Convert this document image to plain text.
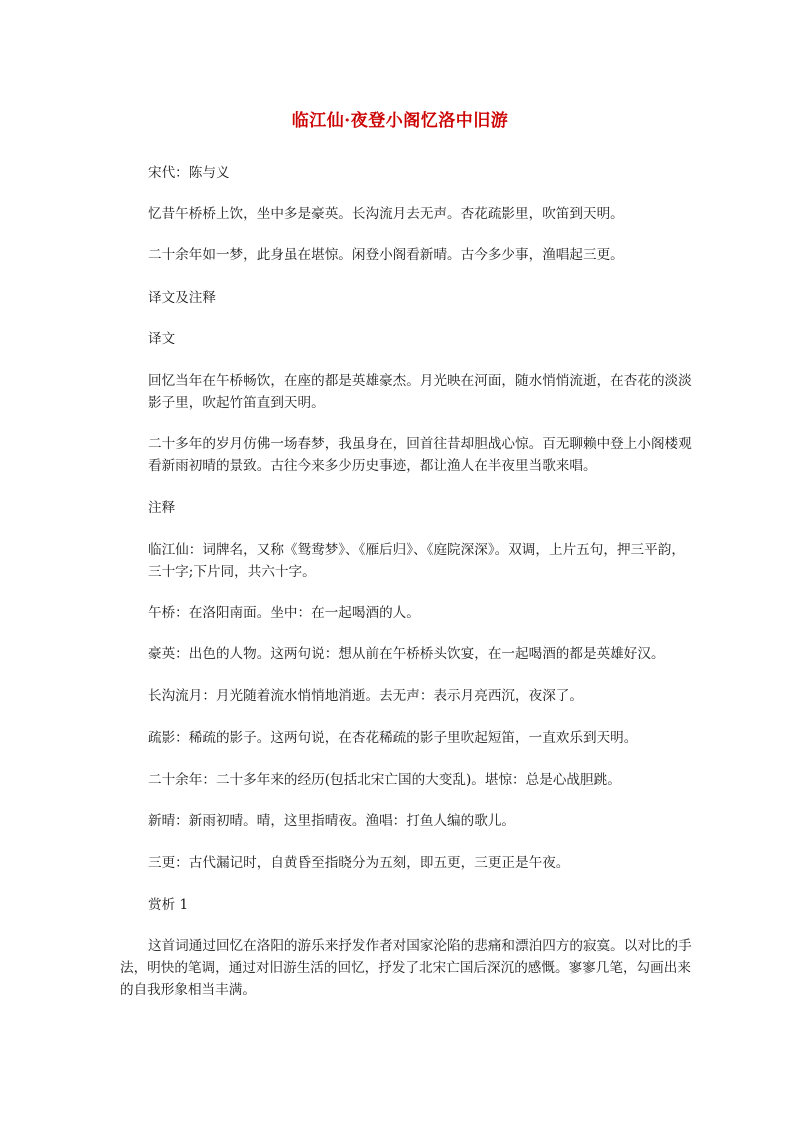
临江仙·夜登小阁忆洛中旧游

宋代：陈与义

忆昔午桥桥上饮，坐中多是豪英。长沟流月去无声。杏花疏影里，吹笛到天明。

二十余年如一梦，此身虽在堪惊。闲登小阁看新晴。古今多少事，渔唱起三更。

译文及注释

译文

回忆当年在午桥畅饮，在座的都是英雄豪杰。月光映在河面，随水悄悄流逝，在杏花的淡淡影子里，吹起竹笛直到天明。

二十多年的岁月仿佛一场春梦，我虽身在，回首往昔却胆战心惊。百无聊赖中登上小阁楼观看新雨初晴的景致。古往今来多少历史事迹，都让渔人在半夜里当歌来唱。

注释

临江仙：词牌名，又称《鸳鸯梦》、《雁后归》、《庭院深深》。双调，上片五句，押三平韵，三十字;下片同，共六十字。

午桥：在洛阳南面。坐中：在一起喝酒的人。

豪英：出色的人物。这两句说：想从前在午桥桥头饮宴，在一起喝酒的都是英雄好汉。

长沟流月：月光随着流水悄悄地消逝。去无声：表示月亮西沉，夜深了。

疏影：稀疏的影子。这两句说，在杏花稀疏的影子里吹起短笛，一直欢乐到天明。

二十余年：二十多年来的经历(包括北宋亡国的大变乱)。堪惊：总是心战胆跳。

新晴：新雨初晴。晴，这里指晴夜。渔唱：打鱼人编的歌儿。

三更：古代漏记时，自黄昏至指晓分为五刻，即五更，三更正是午夜。

赏析 1

这首词通过回忆在洛阳的游乐来抒发作者对国家沦陷的悲痛和漂泊四方的寂寞。以对比的手法，明快的笔调，通过对旧游生活的回忆，抒发了北宋亡国后深沉的感慨。寥寥几笔，勾画出来的自我形象相当丰满。
